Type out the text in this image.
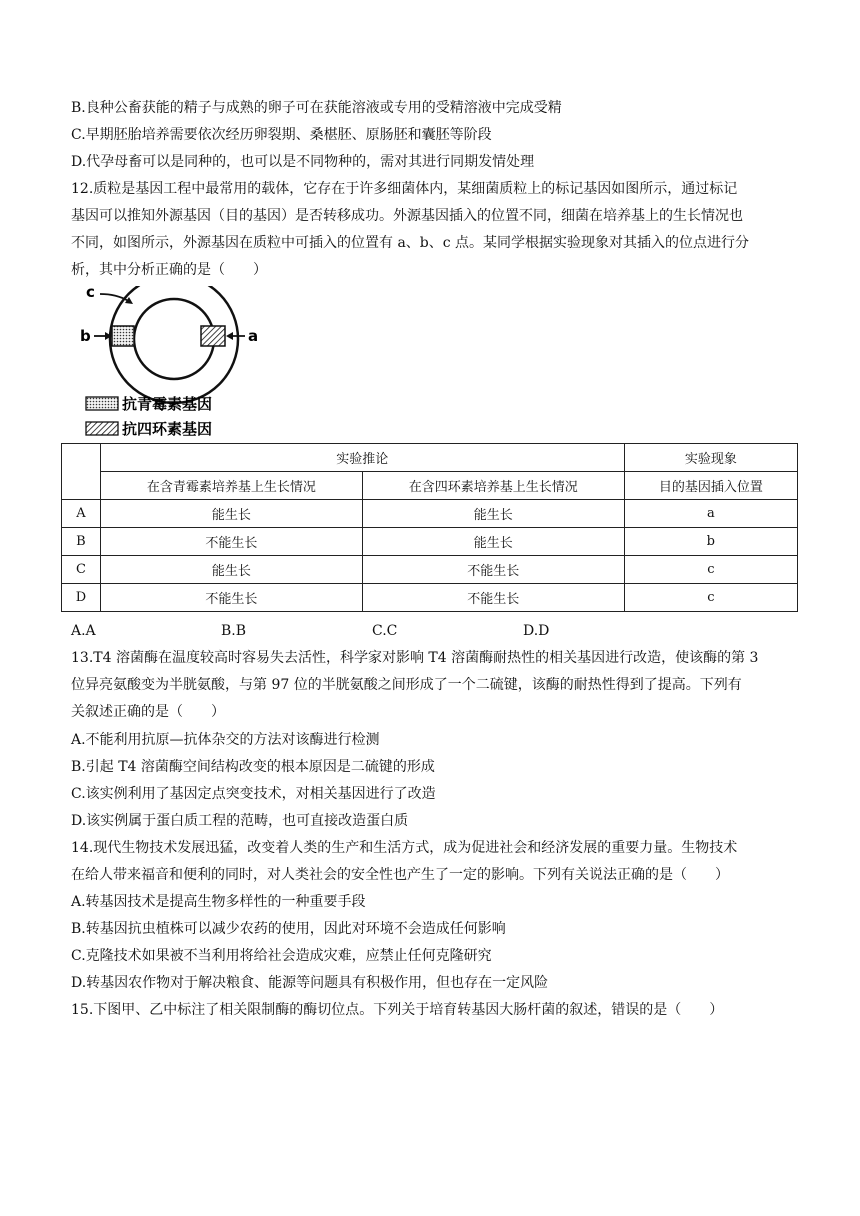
B.良种公畜获能的精子与成熟的卵子可在获能溶液或专用的受精溶液中完成受精
C.早期胚胎培养需要依次经历卵裂期、桑椹胚、原肠胚和囊胚等阶段
D.代孕母畜可以是同种的，也可以是不同物种的，需对其进行同期发情处理
12.质粒是基因工程中最常用的载体，它存在于许多细菌体内，某细菌质粒上的标记基因如图所示，通过标记
基因可以推知外源基因（目的基因）是否转移成功。外源基因插入的位置不同，细菌在培养基上的生长情况也
不同，如图所示，外源基因在质粒中可插入的位置有 a、b、c 点。某同学根据实验现象对其插入的位点进行分
析，其中分析正确的是（　　）
a
b
c
抗青霉素基因
抗四环素基因
	实验推论		实验现象
	在含青霉素培养基上生长情况	在含四环素培养基上生长情况	目的基因插入位置
A	能生长	能生长	a
B	不能生长	能生长	b
C	能生长	不能生长	c
D	不能生长	不能生长	c
A.A	B.B	C.C	D.D
13.T4 溶菌酶在温度较高时容易失去活性，科学家对影响 T4 溶菌酶耐热性的相关基因进行改造，使该酶的第 3
位异亮氨酸变为半胱氨酸，与第 97 位的半胱氨酸之间形成了一个二硫键，该酶的耐热性得到了提高。下列有
关叙述正确的是（　　）
A.不能利用抗原—抗体杂交的方法对该酶进行检测
B.引起 T4 溶菌酶空间结构改变的根本原因是二硫键的形成
C.该实例利用了基因定点突变技术，对相关基因进行了改造
D.该实例属于蛋白质工程的范畴，也可直接改造蛋白质
14.现代生物技术发展迅猛，改变着人类的生产和生活方式，成为促进社会和经济发展的重要力量。生物技术
在给人带来福音和便利的同时，对人类社会的安全性也产生了一定的影响。下列有关说法正确的是（　　）
A.转基因技术是提高生物多样性的一种重要手段
B.转基因抗虫植株可以减少农药的使用，因此对环境不会造成任何影响
C.克隆技术如果被不当利用将给社会造成灾难，应禁止任何克隆研究
D.转基因农作物对于解决粮食、能源等问题具有积极作用，但也存在一定风险
15.下图甲、乙中标注了相关限制酶的酶切位点。下列关于培育转基因大肠杆菌的叙述，错误的是（　　）
